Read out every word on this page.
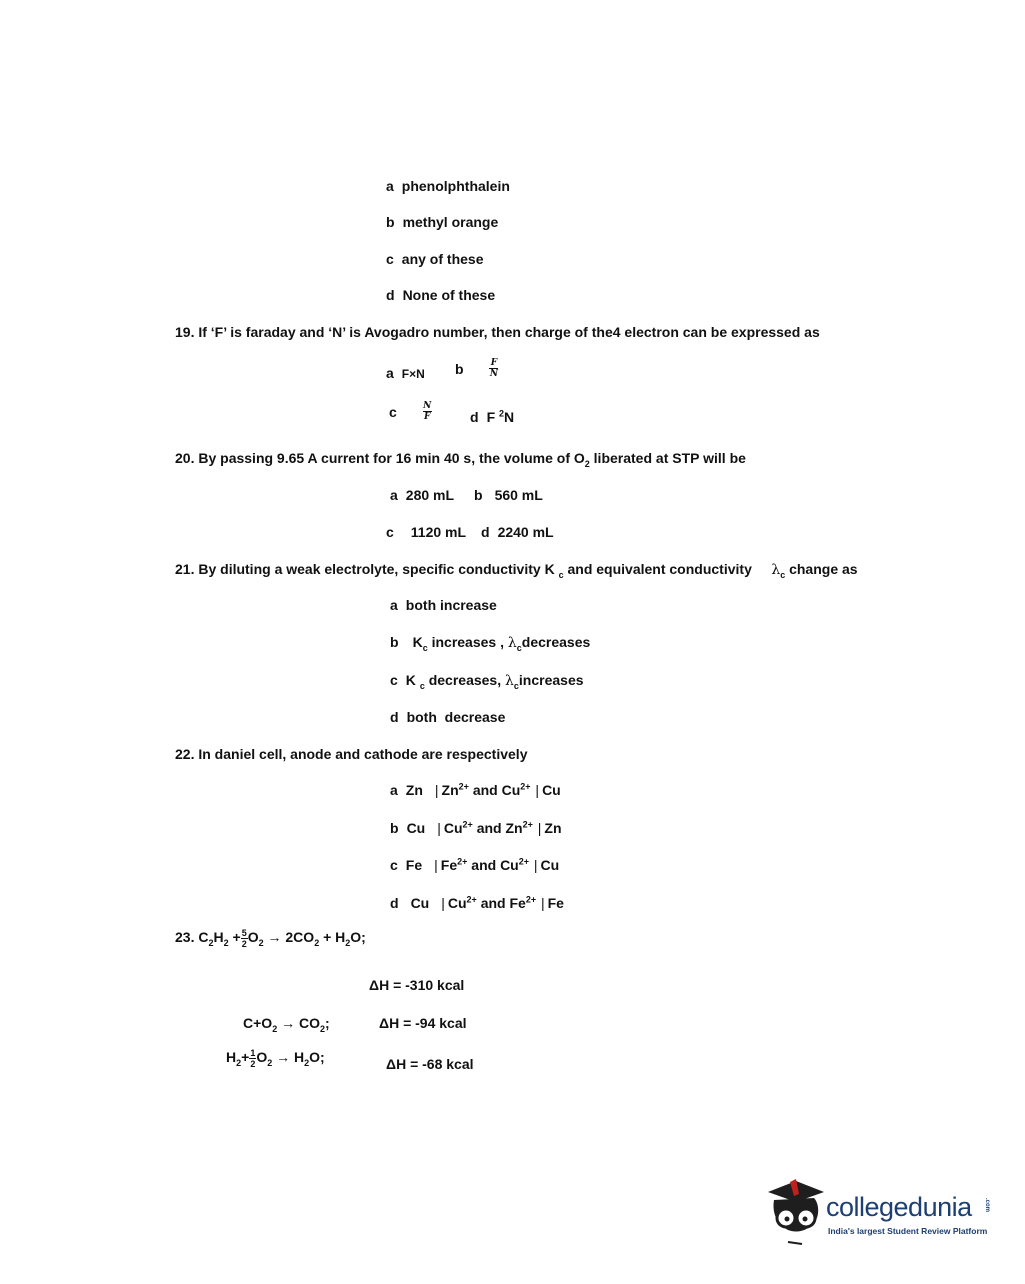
a phenolphthalein
b methyl orange
c any of these
d None of these
19. If ‘F’ is faraday and ‘N’ is Avogadro number, then charge of the4 electron can be expressed as
a F×N b	$\frac{F}{N}$
c	$\frac{N}{F}$	d F $^2$N
20. By passing 9.65 A current for 16 min 40 s, the volume of $O_2$ liberated at STP will be
a 280 mL b 560 mL
c 1120 mL d 2240 mL
21. By diluting a weak electrolyte, specific conductivity K $_c$ and equivalent conductivity $\lambda_c$ change as
a both increase
b $K_c$ increases , $\lambda_cdecreases$
c K $_c$ decreases, $\lambda_cincreases$
d both  decrease
22. In daniel cell, anode and cathode are respectively
a Zn | $Zn^{2+}$ and $Cu^{2+}$ | Cu
b Cu | $Cu^{2+}$ and $Zn^{2+}$ | Zn
c Fe | $Fe^{2+}$ and $Cu^{2+}$ | Cu
d Cu | $Cu^{2+}$ and $Fe^{2+}$ | Fe
23. $C_2H_2 + \frac{5}{2} O_2 \to 2CO_2 + H_2O$;
ΔH = -310 kcal
$C+O_2 \to CO_2$;	ΔH = -94 kcal
$H_2+ \frac{1}{2} O_2 \to H_2O$;	ΔH = -68 kcal
collegedunia .com
India's largest Student Review Platform
